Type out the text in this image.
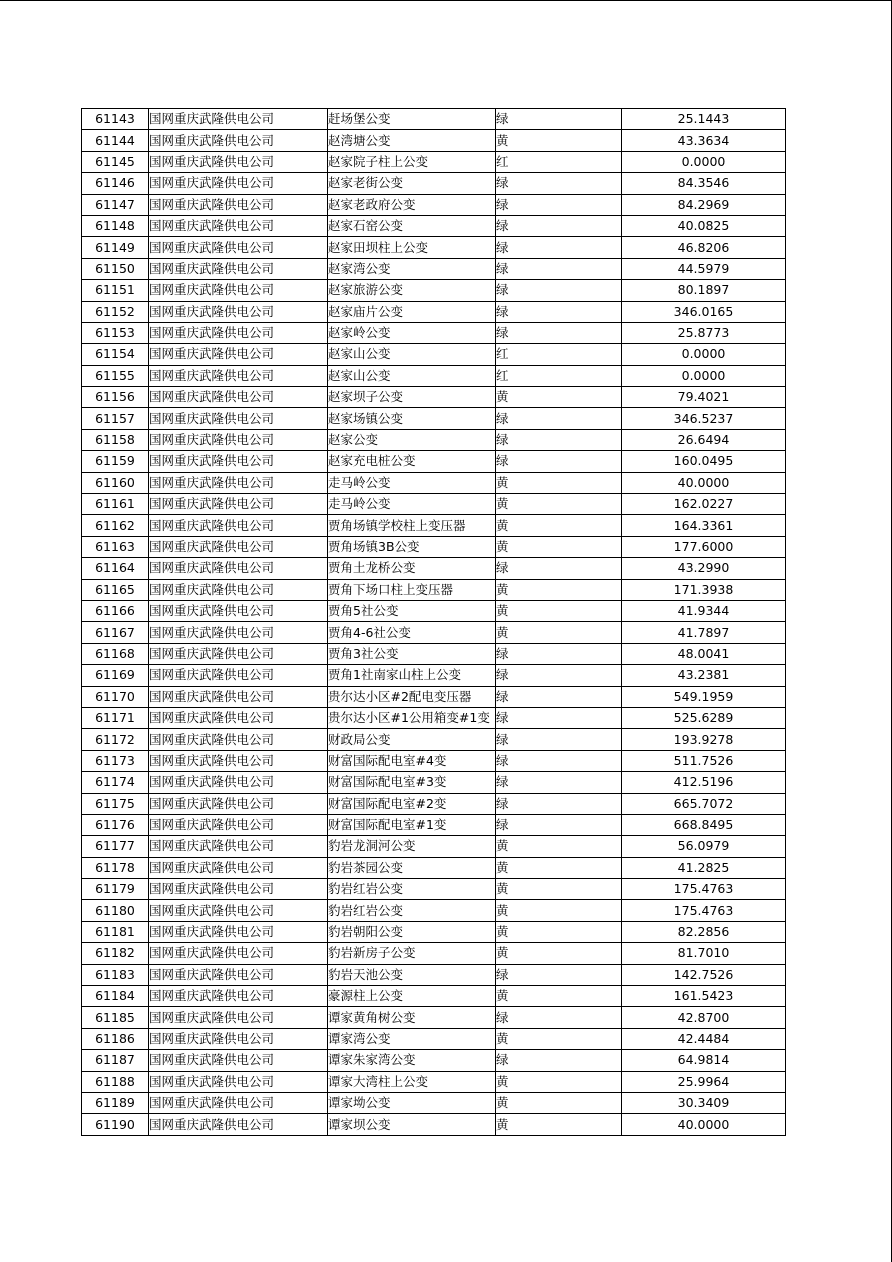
61143	国网重庆武隆供电公司	赶场堡公变	绿	25.1443
61144	国网重庆武隆供电公司	赵湾塘公变	黄	43.3634
61145	国网重庆武隆供电公司	赵家院子柱上公变	红	0.0000
61146	国网重庆武隆供电公司	赵家老街公变	绿	84.3546
61147	国网重庆武隆供电公司	赵家老政府公变	绿	84.2969
61148	国网重庆武隆供电公司	赵家石窑公变	绿	40.0825
61149	国网重庆武隆供电公司	赵家田坝柱上公变	绿	46.8206
61150	国网重庆武隆供电公司	赵家湾公变	绿	44.5979
61151	国网重庆武隆供电公司	赵家旅游公变	绿	80.1897
61152	国网重庆武隆供电公司	赵家庙片公变	绿	346.0165
61153	国网重庆武隆供电公司	赵家岭公变	绿	25.8773
61154	国网重庆武隆供电公司	赵家山公变	红	0.0000
61155	国网重庆武隆供电公司	赵家山公变	红	0.0000
61156	国网重庆武隆供电公司	赵家坝子公变	黄	79.4021
61157	国网重庆武隆供电公司	赵家场镇公变	绿	346.5237
61158	国网重庆武隆供电公司	赵家公变	绿	26.6494
61159	国网重庆武隆供电公司	赵家充电桩公变	绿	160.0495
61160	国网重庆武隆供电公司	走马岭公变	黄	40.0000
61161	国网重庆武隆供电公司	走马岭公变	黄	162.0227
61162	国网重庆武隆供电公司	贾角场镇学校柱上变压器	黄	164.3361
61163	国网重庆武隆供电公司	贾角场镇3B公变	黄	177.6000
61164	国网重庆武隆供电公司	贾角土龙桥公变	绿	43.2990
61165	国网重庆武隆供电公司	贾角下场口柱上变压器	黄	171.3938
61166	国网重庆武隆供电公司	贾角5社公变	黄	41.9344
61167	国网重庆武隆供电公司	贾角4-6社公变	黄	41.7897
61168	国网重庆武隆供电公司	贾角3社公变	绿	48.0041
61169	国网重庆武隆供电公司	贾角1社南家山柱上公变	绿	43.2381
61170	国网重庆武隆供电公司	贵尔达小区#2配电变压器	绿	549.1959
61171	国网重庆武隆供电公司	贵尔达小区#1公用箱变#1变	绿	525.6289
61172	国网重庆武隆供电公司	财政局公变	绿	193.9278
61173	国网重庆武隆供电公司	财富国际配电室#4变	绿	511.7526
61174	国网重庆武隆供电公司	财富国际配电室#3变	绿	412.5196
61175	国网重庆武隆供电公司	财富国际配电室#2变	绿	665.7072
61176	国网重庆武隆供电公司	财富国际配电室#1变	绿	668.8495
61177	国网重庆武隆供电公司	豹岩龙洞河公变	黄	56.0979
61178	国网重庆武隆供电公司	豹岩茶园公变	黄	41.2825
61179	国网重庆武隆供电公司	豹岩红岩公变	黄	175.4763
61180	国网重庆武隆供电公司	豹岩红岩公变	黄	175.4763
61181	国网重庆武隆供电公司	豹岩朝阳公变	黄	82.2856
61182	国网重庆武隆供电公司	豹岩新房子公变	黄	81.7010
61183	国网重庆武隆供电公司	豹岩天池公变	绿	142.7526
61184	国网重庆武隆供电公司	豪源柱上公变	黄	161.5423
61185	国网重庆武隆供电公司	谭家黄角树公变	绿	42.8700
61186	国网重庆武隆供电公司	谭家湾公变	黄	42.4484
61187	国网重庆武隆供电公司	谭家朱家湾公变	绿	64.9814
61188	国网重庆武隆供电公司	谭家大湾柱上公变	黄	25.9964
61189	国网重庆武隆供电公司	谭家坳公变	黄	30.3409
61190	国网重庆武隆供电公司	谭家坝公变	黄	40.0000
